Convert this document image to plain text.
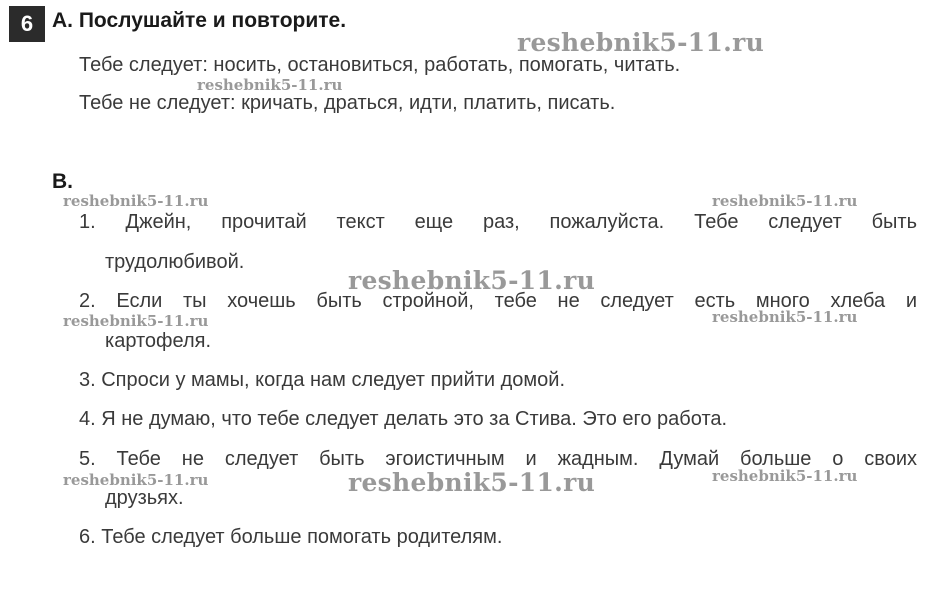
6 A. Послушайте и повторите.
Тебе следует: носить, остановиться, работать, помогать, читать.
Тебе не следует: кричать, драться, идти, платить, писать.
B.
1. Джейн, прочитай текст еще раз, пожалуйста. Тебе следует быть
трудолюбивой.
2. Если ты хочешь быть стройной, тебе не следует есть много хлеба и
картофеля.
3. Спроси у мамы, когда нам следует прийти домой.
4. Я не думаю, что тебе следует делать это за Стива. Это его работа.
5. Тебе не следует быть эгоистичным и жадным. Думай больше о своих
друзьях.
6. Тебе следует больше помогать родителям.
reshebnik5-11.ru
reshebnik5-11.ru
reshebnik5-11.ru	reshebnik5-11.ru
reshebnik5-11.ru
reshebnik5-11.ru	reshebnik5-11.ru
reshebnik5-11.ru	reshebnik5-11.ru	reshebnik5-11.ru
